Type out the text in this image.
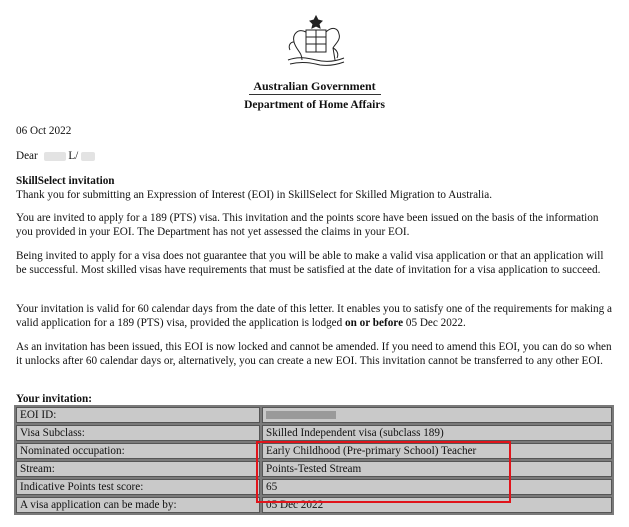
Australian Government
Department of Home Affairs
06 Oct 2022
Dear	L/
SkillSelect invitation
Thank you for submitting an Expression of Interest (EOI) in SkillSelect for Skilled Migration to Australia.
You are invited to apply for a 189 (PTS) visa. This invitation and the points score have been issued on the basis of the information you provided in your EOI. The Department has not yet assessed the claims in your EOI.
Being invited to apply for a visa does not guarantee that you will be able to make a valid visa application or that an application will be successful. Most skilled visas have requirements that must be satisfied at the date of invitation for a visa application to succeed.
Your invitation is valid for 60 calendar days from the date of this letter. It enables you to satisfy one of the requirements for making a valid application for a 189 (PTS) visa, provided the application is lodged on or before 05 Dec 2022.
As an invitation has been issued, this EOI is now locked and cannot be amended. If you need to amend this EOI, you can do so when it unlocks after 60 calendar days or, alternatively, you can create a new EOI. This invitation cannot be transferred to any other EOI.
Your invitation:
EOI ID:	
Visa Subclass:	Skilled Independent visa (subclass 189)
Nominated occupation:	Early Childhood (Pre-primary School) Teacher
Stream:	Points-Tested Stream
Indicative Points test score:	65
A visa application can be made by:	05 Dec 2022
